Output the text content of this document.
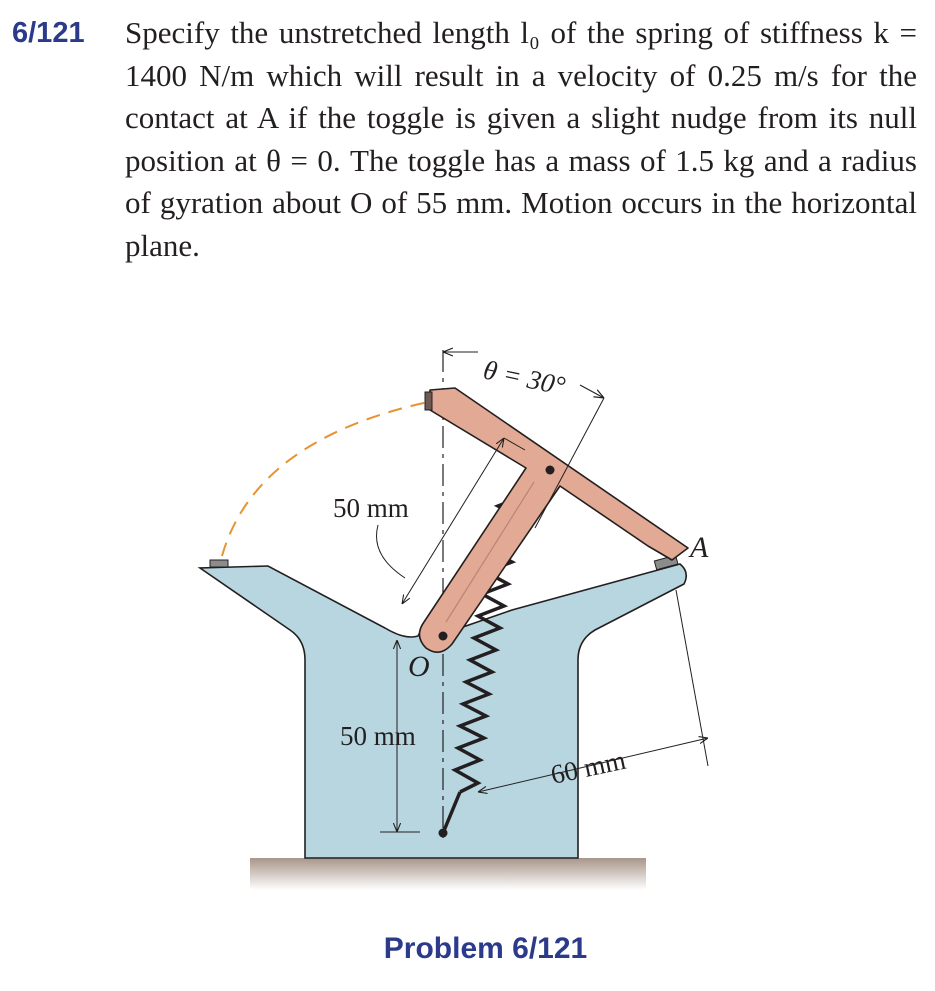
6/121 Specify the unstretched length l₀ of the spring of stiffness k = 1400 N/m which will result in a velocity of 0.25 m/s for the contact at A if the toggle is given a slight nudge from its null position at θ = 0. The toggle has a mass of 1.5 kg and a radius of gyration about O of 55 mm. Motion occurs in the horizontal plane.
θ = 30°
50 mm
50 mm
60 mm
O
A
Problem 6/121
